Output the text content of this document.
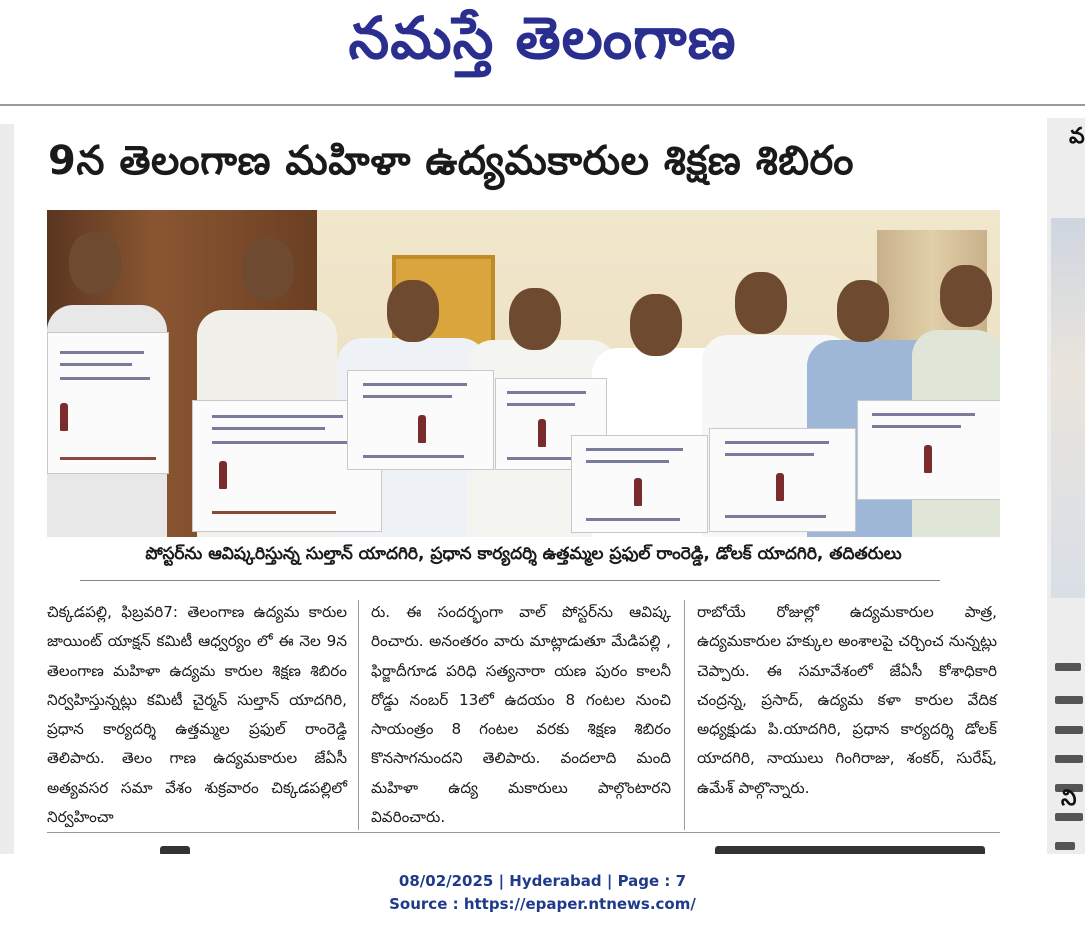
నమస్తే తెలంగాణ
వ
ని
9న తెలంగాణ మహిళా ఉద్యమకారుల శిక్షణ శిబిరం
పోస్టర్‌ను ఆవిష్కరిస్తున్న సుల్తాన్ యాదగిరి, ప్రధాన కార్యదర్శి ఉత్తమ్మల ప్రఫుల్ రాంరెడ్డి, డోలక్ యాదగిరి, తదితరులు

చిక్కడపల్లి, ఫిబ్రవరి7: తెలంగాణ ఉద్యమ కారుల జాయింట్ యాక్షన్ కమిటీ ఆధ్వర్యం లో ఈ నెల 9న తెలంగాణ మహిళా ఉద్యమ కారుల శిక్షణ శిబిరం నిర్వహిస్తున్నట్లు కమిటీ చైర్మన్ సుల్తాన్ యాదగిరి, ప్రధాన కార్యదర్శి ఉత్తమ్మల ప్రఫుల్ రాంరెడ్డి తెలిపారు. తెలం గాణ ఉద్యమకారుల జేఏసీ అత్యవసర సమా వేశం శుక్రవారం చిక్కడపల్లిలో నిర్వహించా

రు. ఈ సందర్భంగా వాల్ పోస్టర్‌ను ఆవిష్క రించారు. అనంతరం వారు మాట్లాడుతూ మేడిపల్లి , ఫిర్జాదీగూడ పరిధి సత్యనారా యణ పురం కాలనీ రోడ్డు నంబర్ 13లో ఉదయం 8 గంటల నుంచి సాయంత్రం 8 గంటల వరకు శిక్షణ శిబిరం కొనసాగనుందని తెలిపారు. వందలాది మంది మహిళా ఉద్య మకారులు పాల్గొంటారని వివరించారు.

రాబోయే రోజుల్లో ఉద్యమకారుల పాత్ర, ఉద్యమకారుల హక్కుల అంశాలపై చర్చించ నున్నట్లు చెప్పారు. ఈ సమావేశంలో జేఏసీ కోశాధికారి చంద్రన్న, ప్రసాద్, ఉద్యమ కళా కారుల వేదిక అధ్యక్షుడు పి.యాదగిరి, ప్రధాన కార్యదర్శి డోలక్ యాదగిరి, నాయులు గింగిరాజు, శంకర్, సురేష్, ఉమేశ్ పాల్గొన్నారు.

08/02/2025 | Hyderabad | Page : 7
Source : https://epaper.ntnews.com/
